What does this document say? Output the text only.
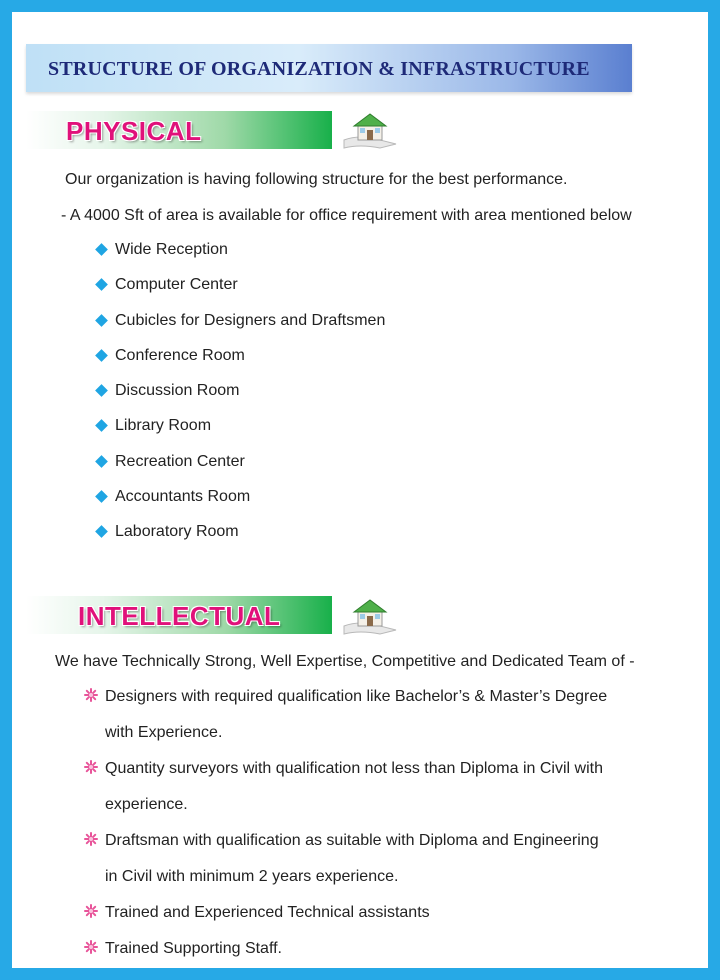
STRUCTURE OF ORGANIZATION & INFRASTRUCTURE
PHYSICAL
Our organization is having following structure for the best performance.
- A 4000 Sft of area is available for office requirement with area mentioned below
Wide Reception
Computer Center
Cubicles for Designers and Draftsmen
Conference Room
Discussion Room
Library Room
Recreation Center
Accountants Room
Laboratory Room
INTELLECTUAL
We have Technically Strong, Well Expertise, Competitive and Dedicated Team of -
Designers with required qualification like Bachelor’s & Master’s Degree
with Experience.
Quantity surveyors with qualification not less than Diploma in Civil with
experience.
Draftsman with qualification as suitable with Diploma and Engineering
in Civil with minimum 2 years experience.
Trained and Experienced Technical assistants
Trained Supporting Staff.
